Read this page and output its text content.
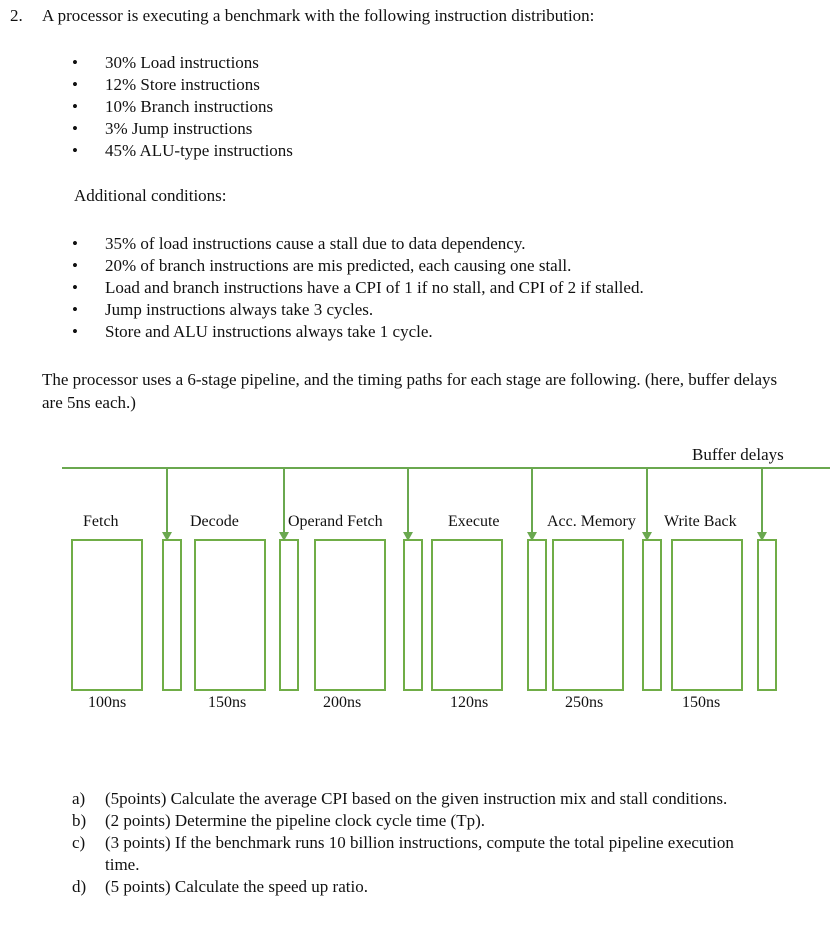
2. A processor is executing a benchmark with the following instruction distribution:
• 30% Load instructions
• 12% Store instructions
• 10% Branch instructions
• 3% Jump instructions
• 45% ALU-type instructions
Additional conditions:
• 35% of load instructions cause a stall due to data dependency.
• 20% of branch instructions are mis predicted, each causing one stall.
• Load and branch instructions have a CPI of 1 if no stall, and CPI of 2 if stalled.
• Jump instructions always take 3 cycles.
• Store and ALU instructions always take 1 cycle.
The processor uses a 6-stage pipeline, and the timing paths for each stage are following. (here, buffer delays are 5ns each.)
Buffer delays
Fetch	Decode	Operand Fetch	Execute	Acc. Memory Write Back
100ns	150ns	200ns	120ns	250ns	150ns
a) (5points) Calculate the average CPI based on the given instruction mix and stall conditions.
b) (2 points) Determine the pipeline clock cycle time (Tp).
c) (3 points) If the benchmark runs 10 billion instructions, compute the total pipeline execution time.
d) (5 points) Calculate the speed up ratio.
